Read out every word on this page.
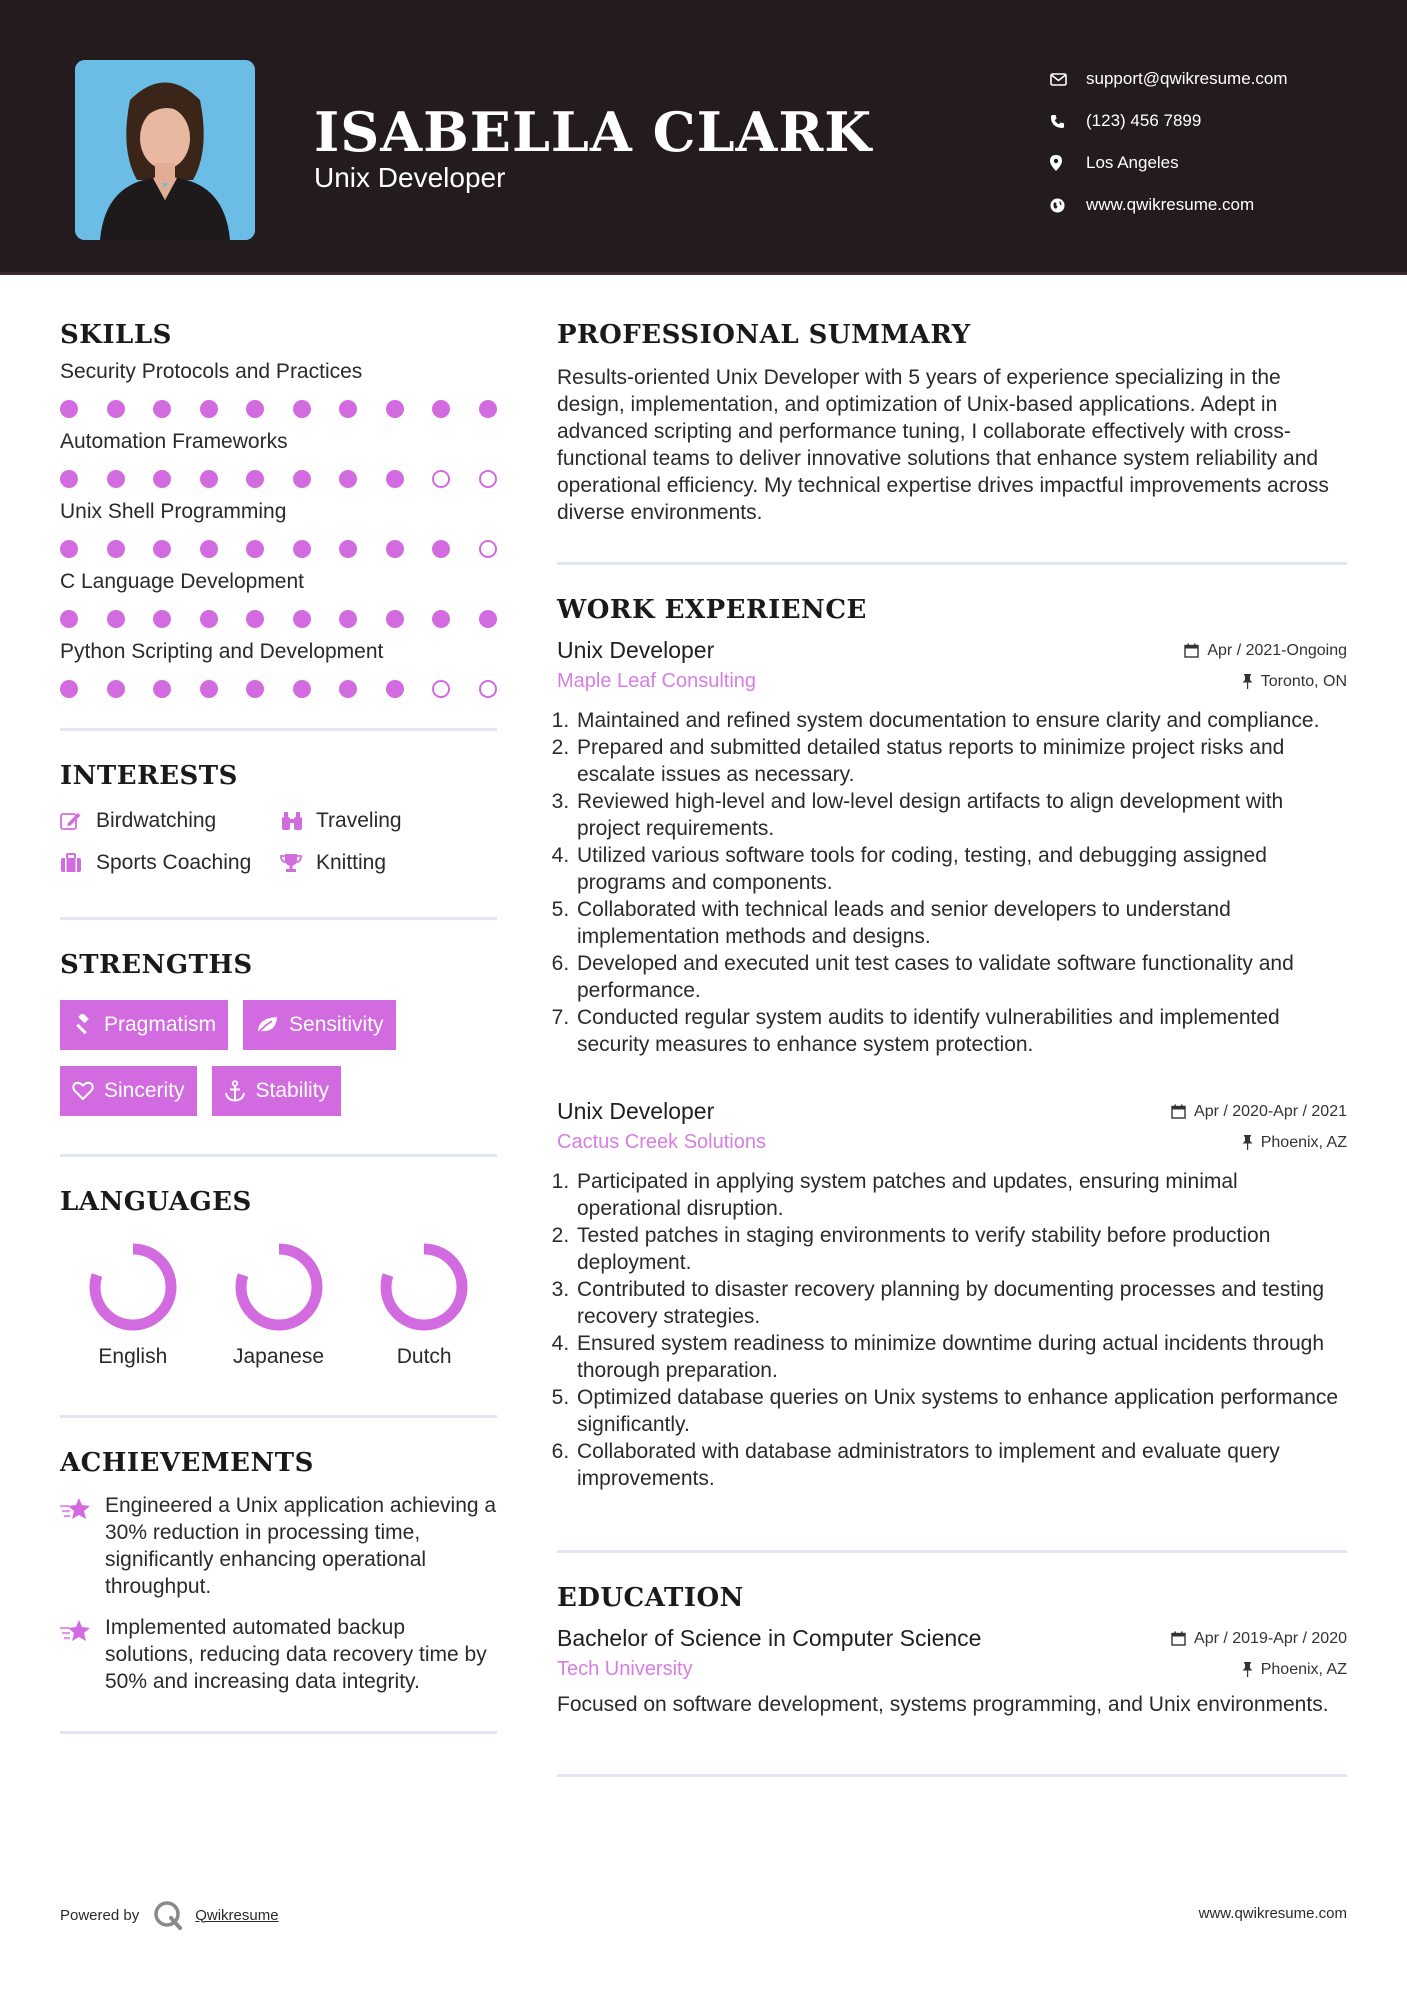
ISABELLA CLARK
Unix Developer
support@qwikresume.com
(123) 456 7899
Los Angeles
www.qwikresume.com
SKILLS
Security Protocols and Practices
Automation Frameworks
Unix Shell Programming
C Language Development
Python Scripting and Development
INTERESTS
Birdwatching	Traveling
Sports Coaching	Knitting
STRENGTHS
Pragmatism	Sensitivity
Sincerity	Stability
LANGUAGES
English	Japanese	Dutch
ACHIEVEMENTS
Engineered a Unix application achieving a 30% reduction in processing time, significantly enhancing operational throughput.
Implemented automated backup solutions, reducing data recovery time by 50% and increasing data integrity.
PROFESSIONAL SUMMARY

Results-oriented Unix Developer with 5 years of experience specializing in the design, implementation, and optimization of Unix-based applications. Adept in advanced scripting and performance tuning, I collaborate effectively with cross-functional teams to deliver innovative solutions that enhance system reliability and operational efficiency. My technical expertise drives impactful improvements across diverse environments.

WORK EXPERIENCE
Unix Developer	Apr / 2021-Ongoing
Maple Leaf Consulting	Toronto, ON
1. Maintained and refined system documentation to ensure clarity and compliance.
2. Prepared and submitted detailed status reports to minimize project risks and escalate issues as necessary.
3. Reviewed high-level and low-level design artifacts to align development with project requirements.
4. Utilized various software tools for coding, testing, and debugging assigned programs and components.
5. Collaborated with technical leads and senior developers to understand implementation methods and designs.
6. Developed and executed unit test cases to validate software functionality and performance.
7. Conducted regular system audits to identify vulnerabilities and implemented security measures to enhance system protection.
Unix Developer	Apr / 2020-Apr / 2021
Cactus Creek Solutions	Phoenix, AZ
1. Participated in applying system patches and updates, ensuring minimal operational disruption.
2. Tested patches in staging environments to verify stability before production deployment.
3. Contributed to disaster recovery planning by documenting processes and testing recovery strategies.
4. Ensured system readiness to minimize downtime during actual incidents through thorough preparation.
5. Optimized database queries on Unix systems to enhance application performance significantly.
6. Collaborated with database administrators to implement and evaluate query improvements.
EDUCATION
Bachelor of Science in Computer Science	Apr / 2019-Apr / 2020
Tech University	Phoenix, AZ

Focused on software development, systems programming, and Unix environments.

Powered by	Qwikresume	www.qwikresume.com
